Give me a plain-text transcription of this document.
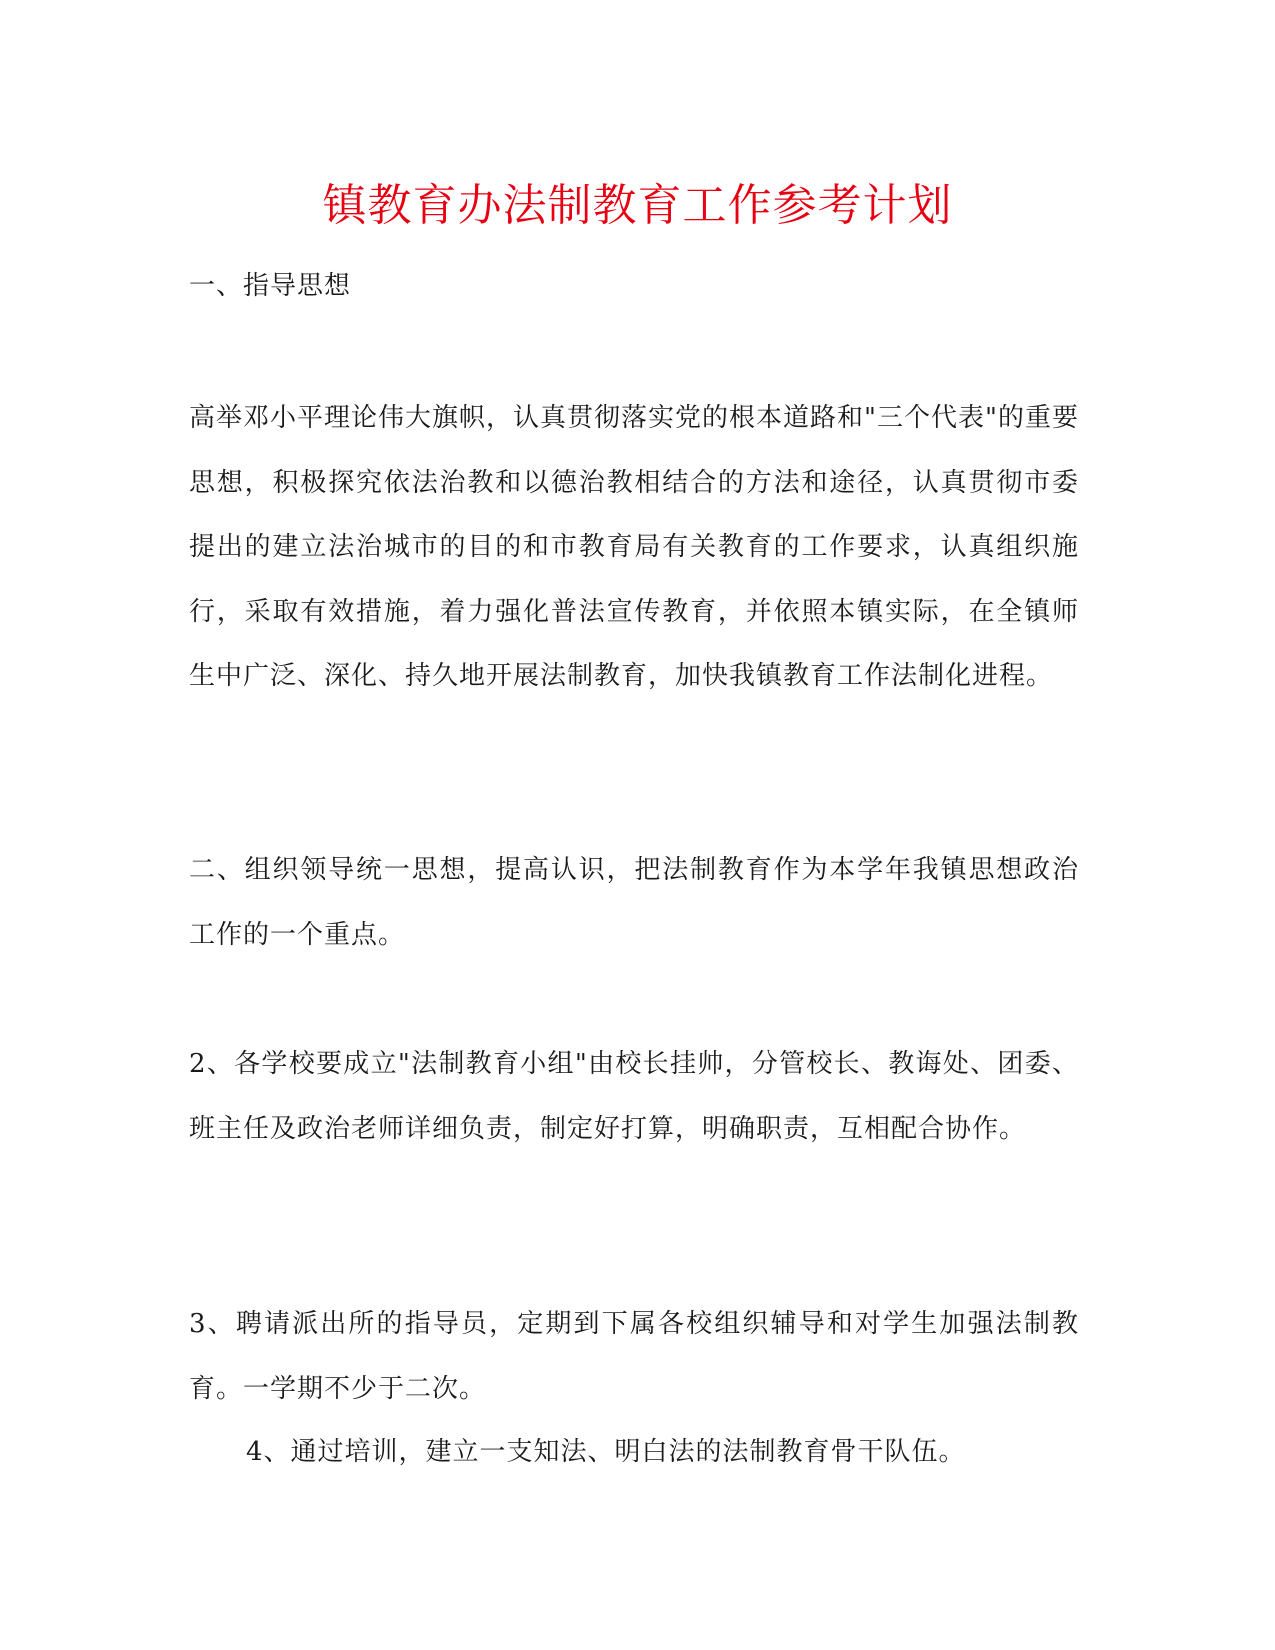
镇教育办法制教育工作参考计划

一、指导思想

高举邓小平理论伟大旗帜，认真贯彻落实党的根本道路和"三个代表"的重要思想，积极探究依法治教和以德治教相结合的方法和途径，认真贯彻市委提出的建立法治城市的目的和市教育局有关教育的工作要求，认真组织施行，采取有效措施，着力强化普法宣传教育，并依照本镇实际，在全镇师生中广泛、深化、持久地开展法制教育，加快我镇教育工作法制化进程。

二、组织领导统一思想，提高认识，把法制教育作为本学年我镇思想政治工作的一个重点。

2、各学校要成立"法制教育小组"由校长挂帅，分管校长、教诲处、团委、班主任及政治老师详细负责，制定好打算，明确职责，互相配合协作。

3、聘请派出所的指导员，定期到下属各校组织辅导和对学生加强法制教育。一学期不少于二次。

4、通过培训，建立一支知法、明白法的法制教育骨干队伍。
